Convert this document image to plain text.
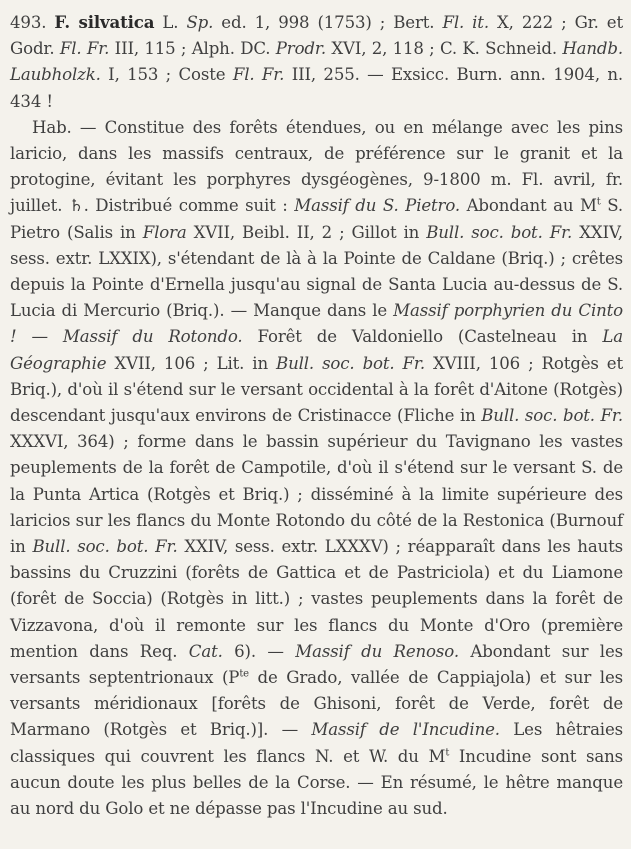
493. F. silvatica L. Sp. ed. 1, 998 (1753) ; Bert. Fl. it. X, 222 ; Gr. et Godr. Fl. Fr. III, 115 ; Alph. DC. Prodr. XVI, 2, 118 ; C. K. Schneid. Handb. Laubholzk. I, 153 ; Coste Fl. Fr. III, 255. — Exsicc. Burn. ann. 1904, n. 434 !

Hab. — Constitue des forêts étendues, ou en mélange avec les pins laricio, dans les massifs centraux, de préférence sur le granit et la protogine, évitant les porphyres dysgéogènes, 9-1800 m. Fl. avril, fr. juillet. ♄. Distribué comme suit : Massif du S. Pietro. Abondant au $M^t$ S. Pietro (Salis in Flora XVII, Beibl. II, 2 ; Gillot in Bull. soc. bot. Fr. XXIV, sess. extr. LXXIX), s'étendant de là à la Pointe de Caldane (Briq.) ; crêtes depuis la Pointe d'Ernella jusqu'au signal de Santa Lucia au-dessus de S. Lucia di Mercurio (Briq.). — Manque dans le Massif porphyrien du Cinto ! — Massif du Rotondo. Forêt de Valdoniello (Castelneau in La Géographie XVII, 106 ; Lit. in Bull. soc. bot. Fr. XVIII, 106 ; Rotgès et Briq.), d'où il s'étend sur le versant occidental à la forêt d'Aitone (Rotgès) descendant jusqu'aux environs de Cristinacce (Fliche in Bull. soc. bot. Fr. XXXVI, 364) ; forme dans le bassin supérieur du Tavignano les vastes peuplements de la forêt de Campotile, d'où il s'étend sur le versant S. de la Punta Artica (Rotgès et Briq.) ; disséminé à la limite supérieure des laricios sur les flancs du Monte Rotondo du côté de la Restonica (Burnouf in Bull. soc. bot. Fr. XXIV, sess. extr. LXXXV) ; réapparaît dans les hauts bassins du Cruzzini (forêts de Gattica et de Pastriciola) et du Liamone (forêt de Soccia) (Rotgès in litt.) ; vastes peuplements dans la forêt de Vizzavona, d'où il remonte sur les flancs du Monte d'Oro (première mention dans Req. Cat. 6). — Massif du Renoso. Abondant sur les versants septentrionaux ($P^{te}$ de Grado, vallée de Cappiajola) et sur les versants méridionaux [forêts de Ghisoni, forêt de Verde, forêt de Marmano (Rotgès et Briq.)]. — Massif de l'Incudine. Les hêtraies classiques qui couvrent les flancs N. et W. du $M^t$ Incudine sont sans aucun doute les plus belles de la Corse. — En résumé, le hêtre manque au nord du Golo et ne dépasse pas l'Incudine au sud.
